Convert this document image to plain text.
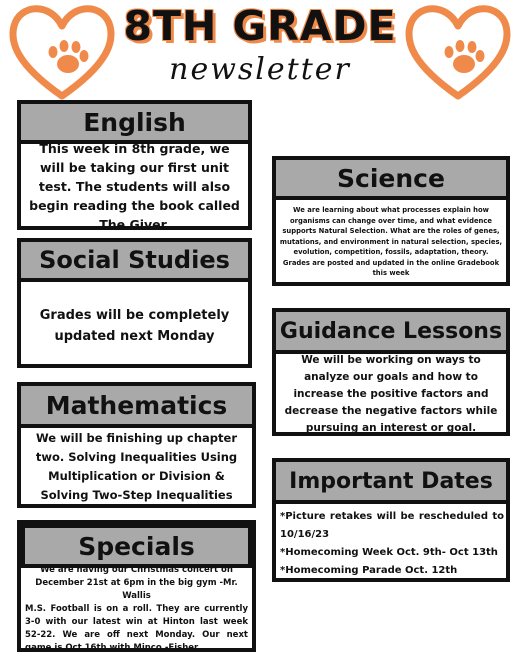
8TH GRADE
newsletter
English

This week in 8th grade, we will be taking our first unit test. The students will also begin reading the book called The Giver.

Social Studies

Grades will be completely updated next Monday

Mathematics

We will be finishing up chapter two. Solving Inequalities Using Multiplication or Division & Solving Two-Step Inequalities

Specials

We are having our Christmas concert on December 21st at 6pm in the big gym -Mr. Wallis

M.S. Football is on a roll. They are currently 3-0 with our latest win at Hinton last week 52-22. We are off next Monday. Our next game is Oct 16th with Minco.-Fisher

Science

We are learning about what processes explain how organisms can change over time, and what evidence supports Natural Selection. What are the roles of genes, mutations, and environment in natural selection, species, evolution, competition, fossils, adaptation, theory.

Grades are posted and updated in the online Gradebook this week

Guidance Lessons

We will be working on ways to analyze our goals and how to increase the positive factors and decrease the negative factors while pursuing an interest or goal.

Important Dates

*Picture retakes will be rescheduled to 10/16/23

*Homecoming Week Oct. 9th- Oct 13th

*Homecoming Parade Oct. 12th
